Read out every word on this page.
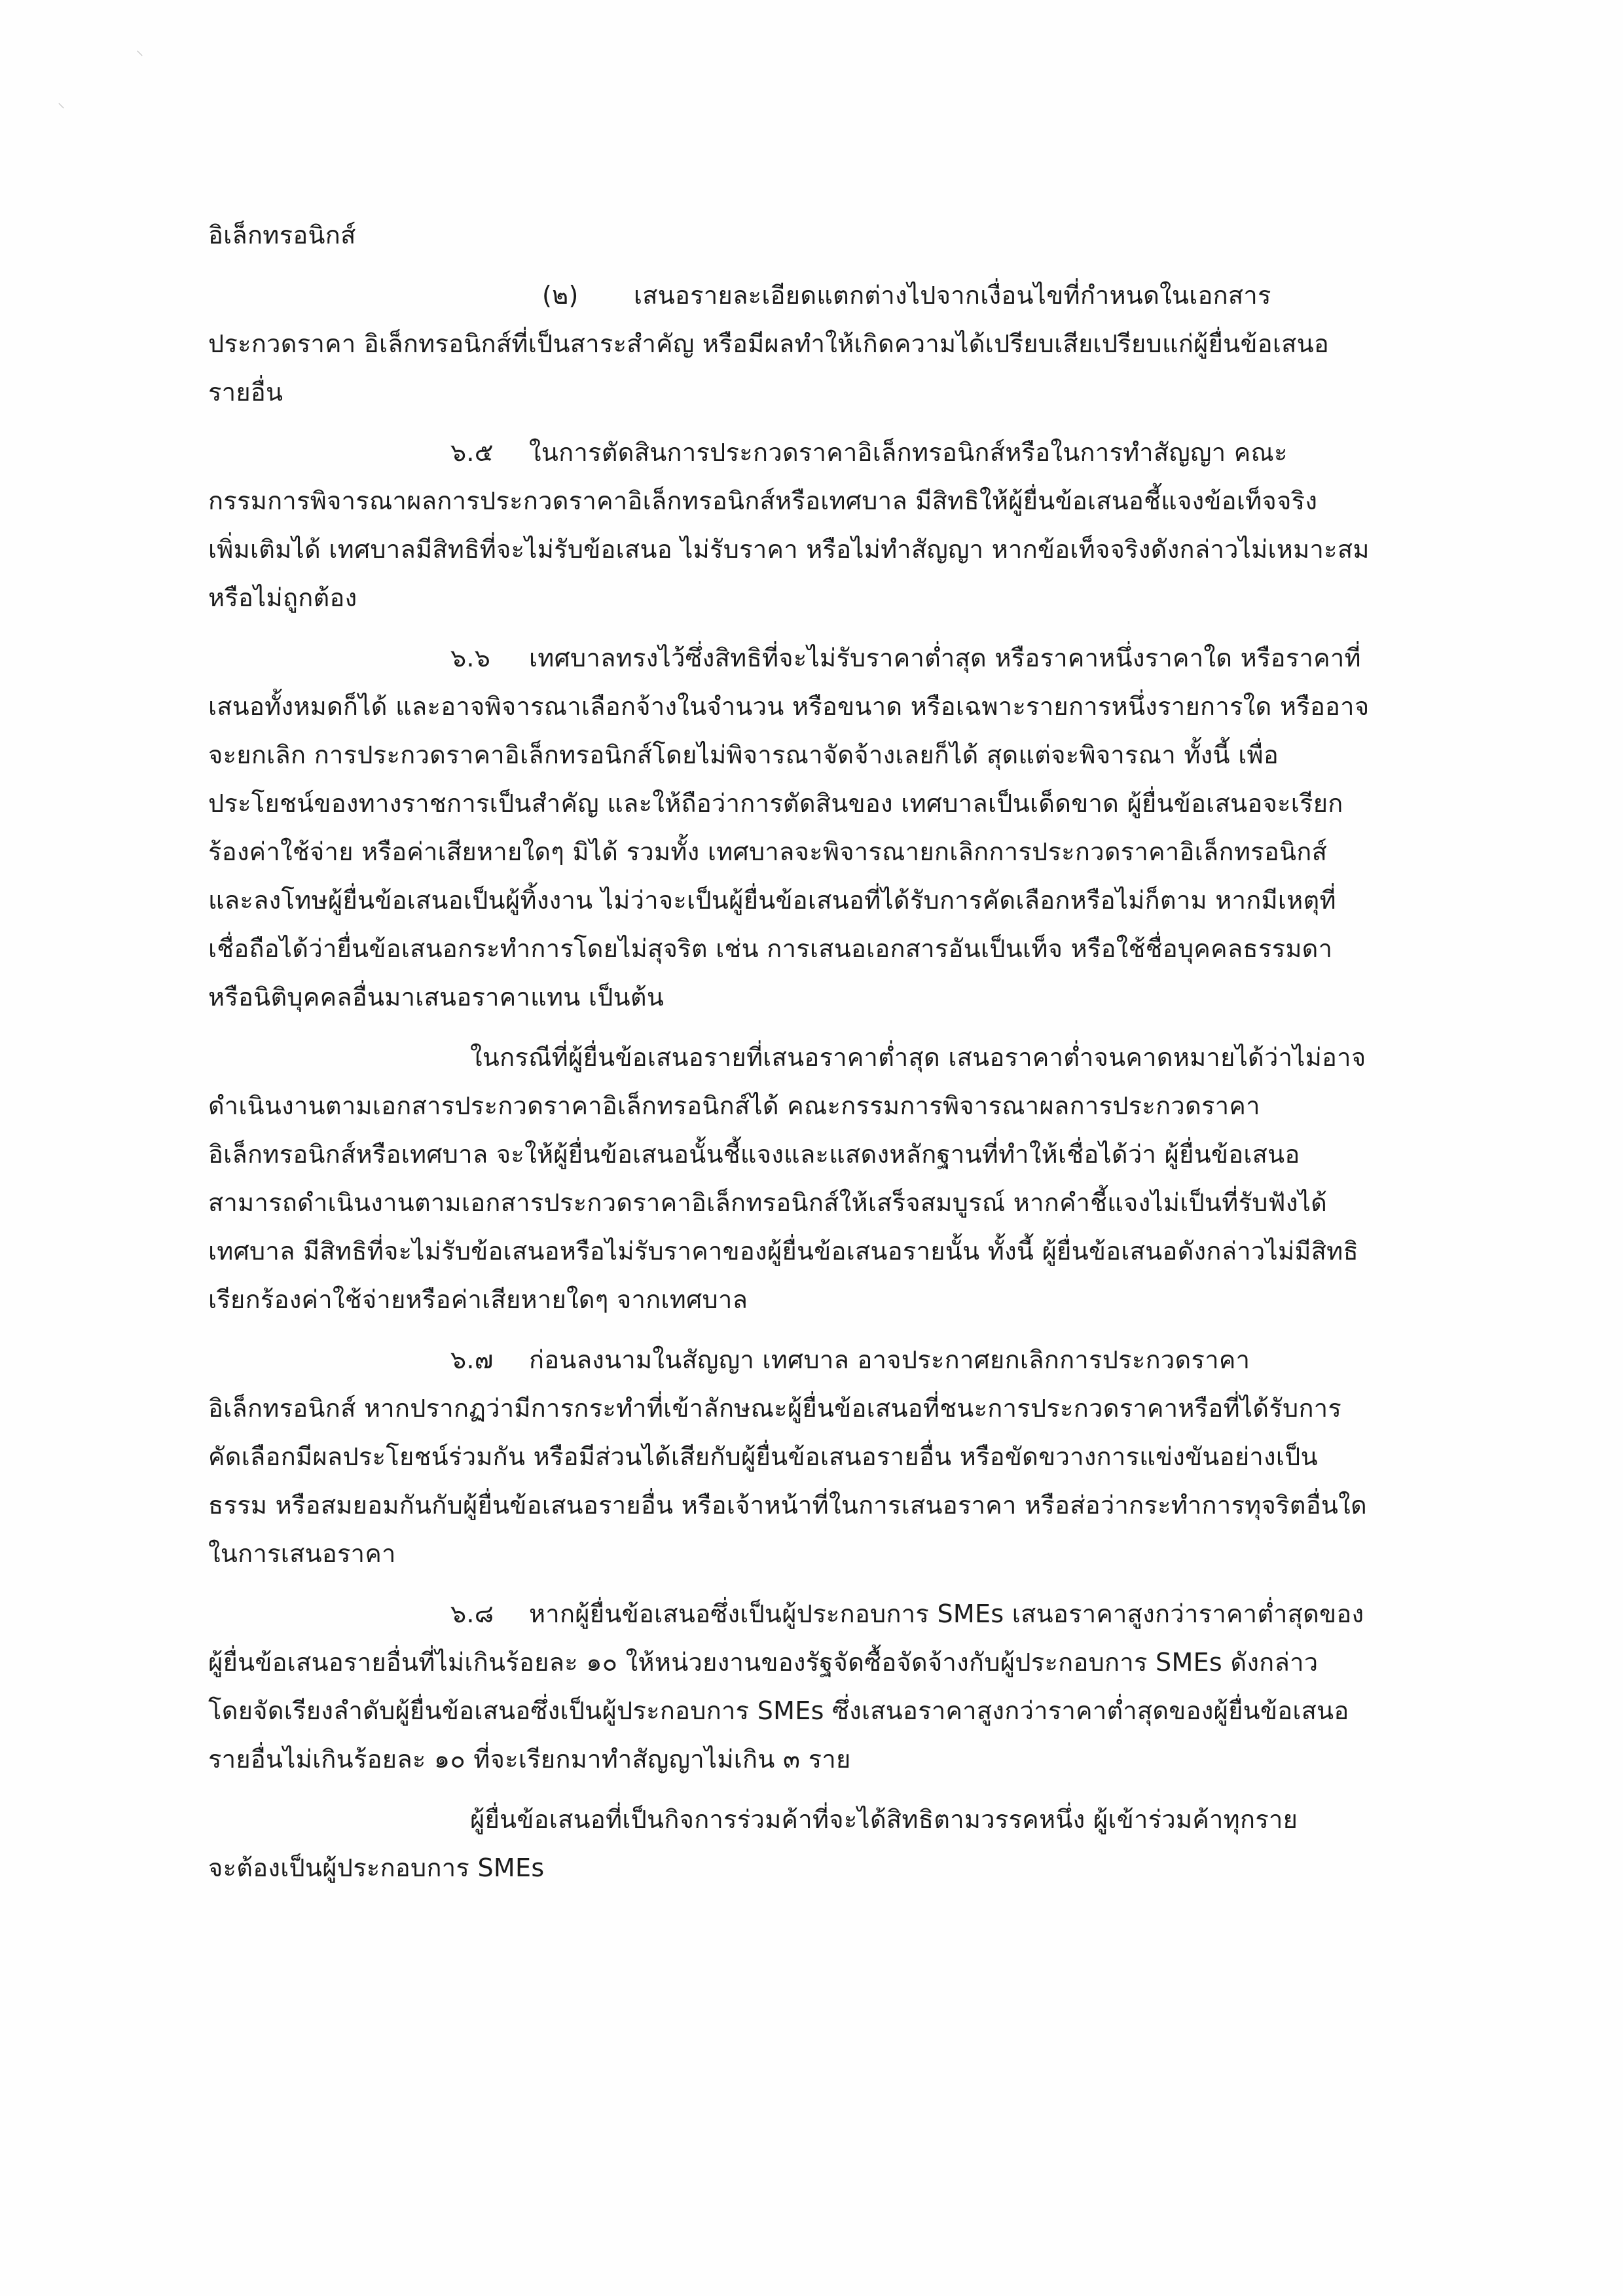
⸌
⸌
อิเล็กทรอนิกส์
(๒) เสนอรายละเอียดแตกต่างไปจากเงื่อนไขที่กำหนดในเอกสาร
ประกวดราคา อิเล็กทรอนิกส์ที่เป็นสาระสำคัญ หรือมีผลทำให้เกิดความได้เปรียบเสียเปรียบแก่ผู้ยื่นข้อเสนอ
รายอื่น
๖.๕ ในการตัดสินการประกวดราคาอิเล็กทรอนิกส์หรือในการทำสัญญา คณะ
กรรมการพิจารณาผลการประกวดราคาอิเล็กทรอนิกส์หรือเทศบาล มีสิทธิให้ผู้ยื่นข้อเสนอชี้แจงข้อเท็จจริง
เพิ่มเติมได้ เทศบาลมีสิทธิที่จะไม่รับข้อเสนอ ไม่รับราคา หรือไม่ทำสัญญา หากข้อเท็จจริงดังกล่าวไม่เหมาะสม
หรือไม่ถูกต้อง
๖.๖ เทศบาลทรงไว้ซึ่งสิทธิที่จะไม่รับราคาต่ำสุด หรือราคาหนึ่งราคาใด หรือราคาที่
เสนอทั้งหมดก็ได้ และอาจพิจารณาเลือกจ้างในจำนวน หรือขนาด หรือเฉพาะรายการหนึ่งรายการใด หรืออาจ
จะยกเลิก การประกวดราคาอิเล็กทรอนิกส์โดยไม่พิจารณาจัดจ้างเลยก็ได้ สุดแต่จะพิจารณา ทั้งนี้ เพื่อ
ประโยชน์ของทางราชการเป็นสำคัญ และให้ถือว่าการตัดสินของ เทศบาลเป็นเด็ดขาด ผู้ยื่นข้อเสนอจะเรียก
ร้องค่าใช้จ่าย หรือค่าเสียหายใดๆ มิได้ รวมทั้ง เทศบาลจะพิจารณายกเลิกการประกวดราคาอิเล็กทรอนิกส์
และลงโทษผู้ยื่นข้อเสนอเป็นผู้ทิ้งงาน ไม่ว่าจะเป็นผู้ยื่นข้อเสนอที่ได้รับการคัดเลือกหรือไม่ก็ตาม หากมีเหตุที่
เชื่อถือได้ว่ายื่นข้อเสนอกระทำการโดยไม่สุจริต เช่น การเสนอเอกสารอันเป็นเท็จ หรือใช้ชื่อบุคคลธรรมดา
หรือนิติบุคคลอื่นมาเสนอราคาแทน เป็นต้น
ในกรณีที่ผู้ยื่นข้อเสนอรายที่เสนอราคาต่ำสุด เสนอราคาต่ำจนคาดหมายได้ว่าไม่อาจ
ดำเนินงานตามเอกสารประกวดราคาอิเล็กทรอนิกส์ได้ คณะกรรมการพิจารณาผลการประกวดราคา
อิเล็กทรอนิกส์หรือเทศบาล จะให้ผู้ยื่นข้อเสนอนั้นชี้แจงและแสดงหลักฐานที่ทำให้เชื่อได้ว่า ผู้ยื่นข้อเสนอ
สามารถดำเนินงานตามเอกสารประกวดราคาอิเล็กทรอนิกส์ให้เสร็จสมบูรณ์ หากคำชี้แจงไม่เป็นที่รับฟังได้
เทศบาล มีสิทธิที่จะไม่รับข้อเสนอหรือไม่รับราคาของผู้ยื่นข้อเสนอรายนั้น ทั้งนี้ ผู้ยื่นข้อเสนอดังกล่าวไม่มีสิทธิ
เรียกร้องค่าใช้จ่ายหรือค่าเสียหายใดๆ จากเทศบาล
๖.๗ ก่อนลงนามในสัญญา เทศบาล อาจประกาศยกเลิกการประกวดราคา
อิเล็กทรอนิกส์ หากปรากฏว่ามีการกระทำที่เข้าลักษณะผู้ยื่นข้อเสนอที่ชนะการประกวดราคาหรือที่ได้รับการ
คัดเลือกมีผลประโยชน์ร่วมกัน หรือมีส่วนได้เสียกับผู้ยื่นข้อเสนอรายอื่น หรือขัดขวางการแข่งขันอย่างเป็น
ธรรม หรือสมยอมกันกับผู้ยื่นข้อเสนอรายอื่น หรือเจ้าหน้าที่ในการเสนอราคา หรือส่อว่ากระทำการทุจริตอื่นใด
ในการเสนอราคา
๖.๘ หากผู้ยื่นข้อเสนอซึ่งเป็นผู้ประกอบการ SMEs เสนอราคาสูงกว่าราคาต่ำสุดของ
ผู้ยื่นข้อเสนอรายอื่นที่ไม่เกินร้อยละ ๑๐ ให้หน่วยงานของรัฐจัดซื้อจัดจ้างกับผู้ประกอบการ SMEs ดังกล่าว
โดยจัดเรียงลำดับผู้ยื่นข้อเสนอซึ่งเป็นผู้ประกอบการ SMEs ซึ่งเสนอราคาสูงกว่าราคาต่ำสุดของผู้ยื่นข้อเสนอ
รายอื่นไม่เกินร้อยละ ๑๐ ที่จะเรียกมาทำสัญญาไม่เกิน ๓ ราย
ผู้ยื่นข้อเสนอที่เป็นกิจการร่วมค้าที่จะได้สิทธิตามวรรคหนึ่ง ผู้เข้าร่วมค้าทุกราย
จะต้องเป็นผู้ประกอบการ SMEs
